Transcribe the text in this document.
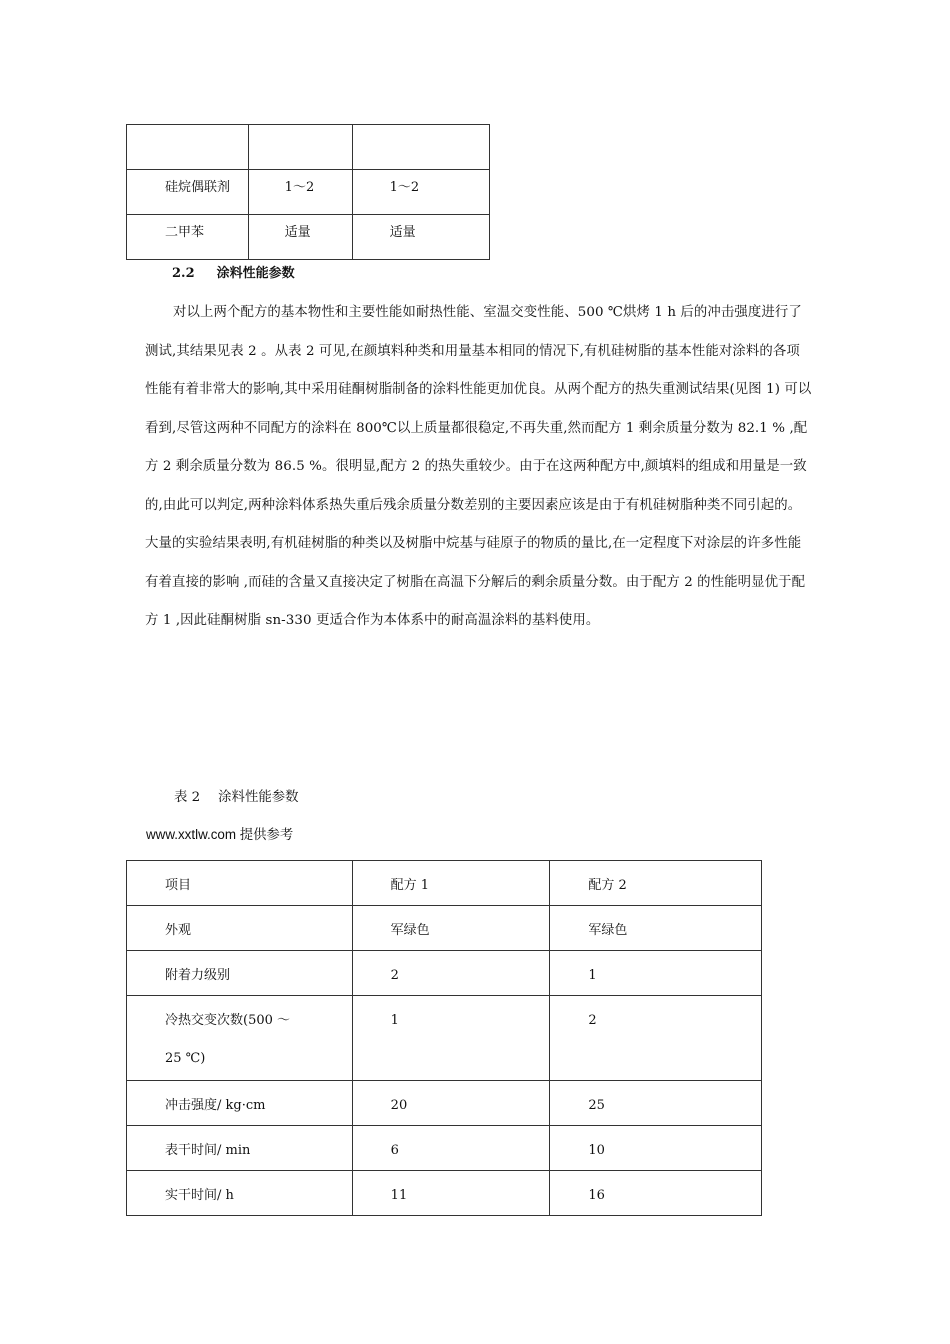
硅烷偶联剂	1～2	1～2

二甲苯	适量	适量
2.2 涂料性能参数

对以上两个配方的基本物性和主要性能如耐热性能、室温交变性能、500 ℃烘烤 1 h 后的冲击强度进行了测试,其结果见表 2 。从表 2 可见,在颜填料种类和用量基本相同的情况下,有机硅树脂的基本性能对涂料的各项性能有着非常大的影响,其中采用硅酮树脂制备的涂料性能更加优良。从两个配方的热失重测试结果(见图 1) 可以看到,尽管这两种不同配方的涂料在 800℃以上质量都很稳定,不再失重,然而配方 1 剩余质量分数为 82.1 % ,配方 2 剩余质量分数为 86.5 %。很明显,配方 2 的热失重较少。由于在这两种配方中,颜填料的组成和用量是一致的,由此可以判定,两种涂料体系热失重后残余质量分数差别的主要因素应该是由于有机硅树脂种类不同引起的。大量的实验结果表明,有机硅树脂的种类以及树脂中烷基与硅原子的物质的量比,在一定程度下对涂层的许多性能有着直接的影响 ,而硅的含量又直接决定了树脂在高温下分解后的剩余质量分数。由于配方 2 的性能明显优于配方 1 ,因此硅酮树脂 sn-330 更适合作为本体系中的耐高温涂料的基料使用。

表 2 涂料性能参数
www.xxtlw.com 提供参考
项目	配方 1	配方 2

外观	军绿色	军绿色

附着力级别	2	1

冷热交变次数(500 ～
25 ℃)	1	2

冲击强度/ kg·cm	20	25

表干时间/ min	6	10

实干时间/ h	11	16
